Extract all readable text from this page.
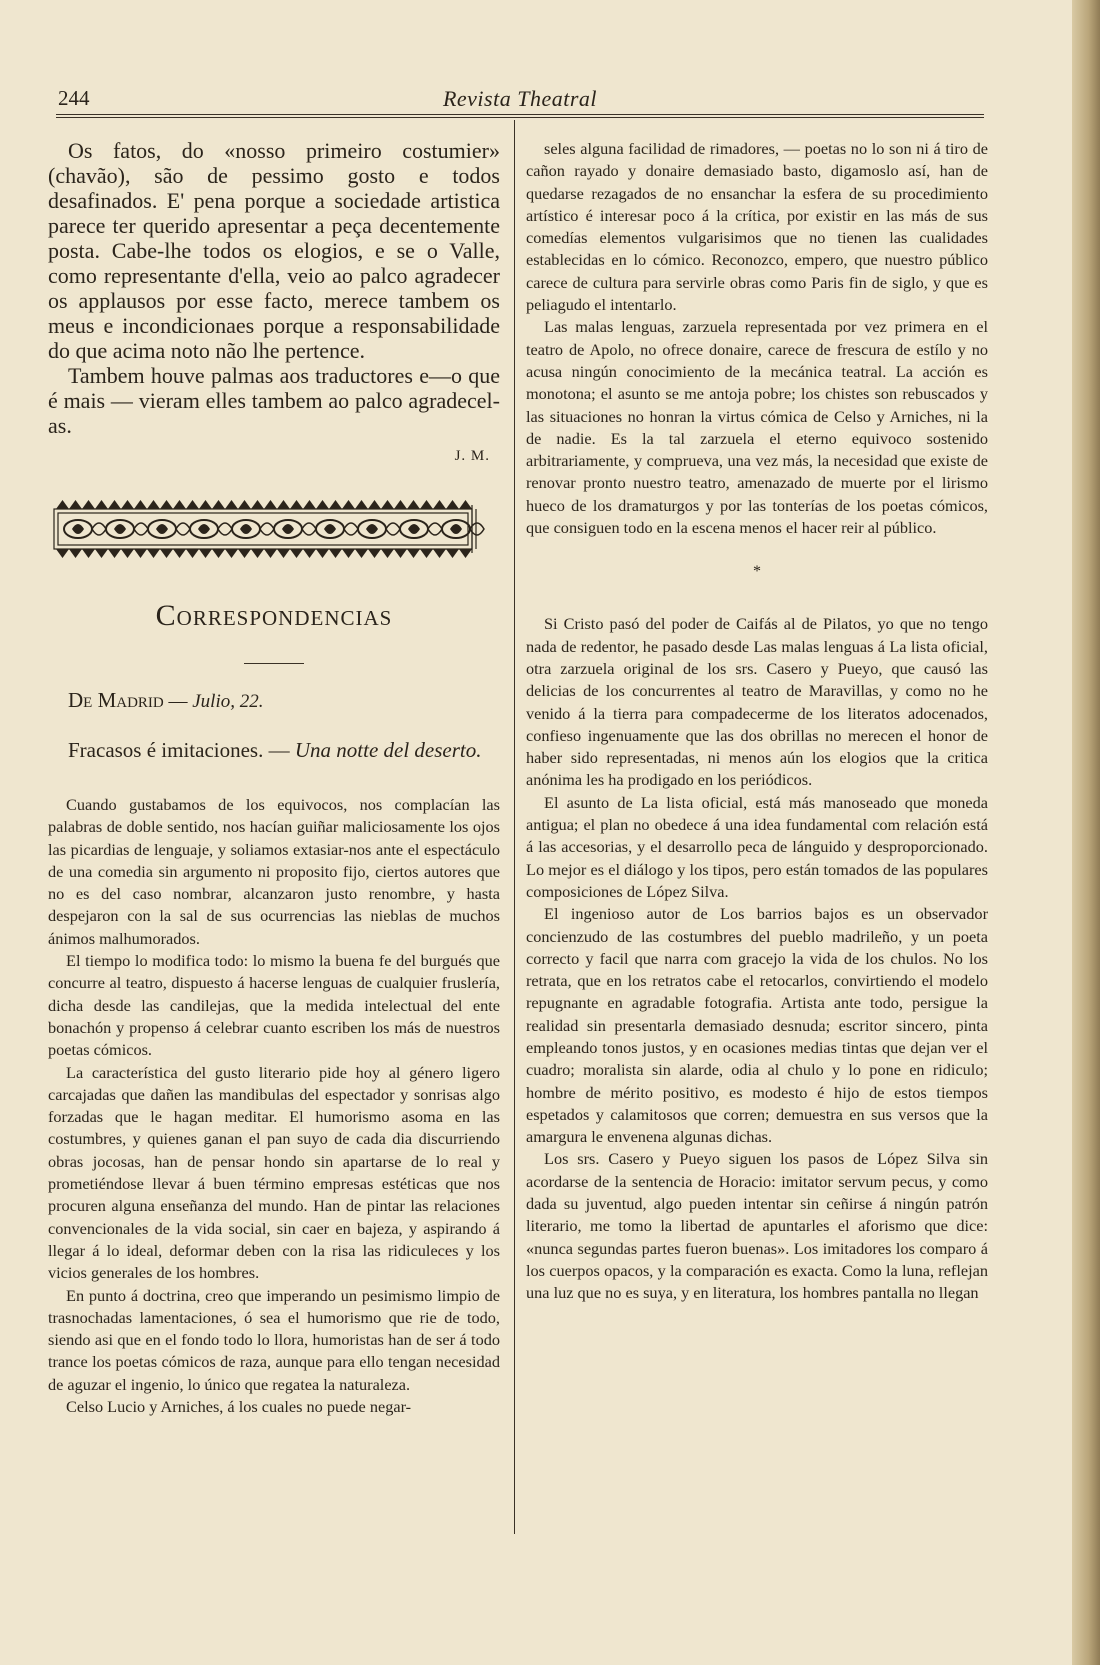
244	Revista Theatral

Os fatos, do «nosso primeiro costumier» (chavão), são de pessimo gosto e todos desafinados. E' pena porque a sociedade artistica parece ter querido apresentar a peça decentemente posta. Cabe-lhe todos os elogios, e se o Valle, como representante d'ella, veio ao palco agradecer os applausos por esse facto, merece tambem os meus e incondicionaes porque a responsabilidade do que acima noto não lhe pertence.

Tambem houve palmas aos traductores e—o que é mais — vieram elles tambem ao palco agradecel-as.

J. M.
Correspondencias
De Madrid — Julio, 22.
Fracasos é imitaciones. — Una notte del deserto.

Cuando gustabamos de los equivocos, nos complacían las palabras de doble sentido, nos hacían guiñar maliciosamente los ojos las picardias de lenguaje, y soliamos extasiar-nos ante el espectáculo de una comedia sin argumento ni proposito fijo, ciertos autores que no es del caso nombrar, alcanzaron justo renombre, y hasta despejaron con la sal de sus ocurrencias las nieblas de muchos ánimos malhumorados.

El tiempo lo modifica todo: lo mismo la buena fe del burgués que concurre al teatro, dispuesto á hacerse lenguas de cualquier fruslería, dicha desde las candilejas, que la medida intelectual del ente bonachón y propenso á celebrar cuanto escriben los más de nuestros poetas cómicos.

La característica del gusto literario pide hoy al género ligero carcajadas que dañen las mandibulas del espectador y sonrisas algo forzadas que le hagan meditar. El humorismo asoma en las costumbres, y quienes ganan el pan suyo de cada dia discurriendo obras jocosas, han de pensar hondo sin apartarse de lo real y prometiéndose llevar á buen término empresas estéticas que nos procuren alguna enseñanza del mundo. Han de pintar las relaciones convencionales de la vida social, sin caer en bajeza, y aspirando á llegar á lo ideal, deformar deben con la risa las ridiculeces y los vicios generales de los hombres.

En punto á doctrina, creo que imperando un pesimismo limpio de trasnochadas lamentaciones, ó sea el humorismo que rie de todo, siendo asi que en el fondo todo lo llora, humoristas han de ser á todo trance los poetas cómicos de raza, aunque para ello tengan necesidad de aguzar el ingenio, lo único que regatea la naturaleza.

Celso Lucio y Arniches, á los cuales no puede negar-

seles alguna facilidad de rimadores, — poetas no lo son ni á tiro de cañon rayado y donaire demasiado basto, digamoslo así, han de quedarse rezagados de no ensanchar la esfera de su procedimiento artístico é interesar poco á la crítica, por existir en las más de sus comedías elementos vulgarisimos que no tienen las cualidades establecidas en lo cómico. Reconozco, empero, que nuestro público carece de cultura para servirle obras como Paris fin de siglo, y que es peliagudo el intentarlo.

Las malas lenguas, zarzuela representada por vez primera en el teatro de Apolo, no ofrece donaire, carece de frescura de estílo y no acusa ningún conocimiento de la mecánica teatral. La acción es monotona; el asunto se me antoja pobre; los chistes son rebuscados y las situaciones no honran la virtus cómica de Celso y Arniches, ni la de nadie. Es la tal zarzuela el eterno equivoco sostenido arbitrariamente, y comprueva, una vez más, la necesidad que existe de renovar pronto nuestro teatro, amenazado de muerte por el lirismo hueco de los dramaturgos y por las tonterías de los poetas cómicos, que consiguen todo en la escena menos el hacer reir al público.

*

Si Cristo pasó del poder de Caifás al de Pilatos, yo que no tengo nada de redentor, he pasado desde Las malas lenguas á La lista oficial, otra zarzuela original de los srs. Casero y Pueyo, que causó las delicias de los concurrentes al teatro de Maravillas, y como no he venido á la tierra para compadecerme de los literatos adocenados, confieso ingenuamente que las dos obrillas no merecen el honor de haber sido representadas, ni menos aún los elogios que la critica anónima les ha prodigado en los periódicos.

El asunto de La lista oficial, está más manoseado que moneda antigua; el plan no obedece á una idea fundamental com relación está á las accesorias, y el desarrollo peca de lánguido y desproporcionado. Lo mejor es el diálogo y los tipos, pero están tomados de las populares composiciones de López Silva.

El ingenioso autor de Los barrios bajos es un observador concienzudo de las costumbres del pueblo madrileño, y un poeta correcto y facil que narra com gracejo la vida de los chulos. No los retrata, que en los retratos cabe el retocarlos, convirtiendo el modelo repugnante en agradable fotografia. Artista ante todo, persigue la realidad sin presentarla demasiado desnuda; escritor sincero, pinta empleando tonos justos, y en ocasiones medias tintas que dejan ver el cuadro; moralista sin alarde, odia al chulo y lo pone en ridiculo; hombre de mérito positivo, es modesto é hijo de estos tiempos espetados y calamitosos que corren; demuestra en sus versos que la amargura le envenena algunas dichas.

Los srs. Casero y Pueyo siguen los pasos de López Silva sin acordarse de la sentencia de Horacio: imitator servum pecus, y como dada su juventud, algo pueden intentar sin ceñirse á ningún patrón literario, me tomo la libertad de apuntarles el aforismo que dice: «nunca segundas partes fueron buenas». Los imitadores los comparo á los cuerpos opacos, y la comparación es exacta. Como la luna, reflejan una luz que no es suya, y en literatura, los hombres pantalla no llegan
